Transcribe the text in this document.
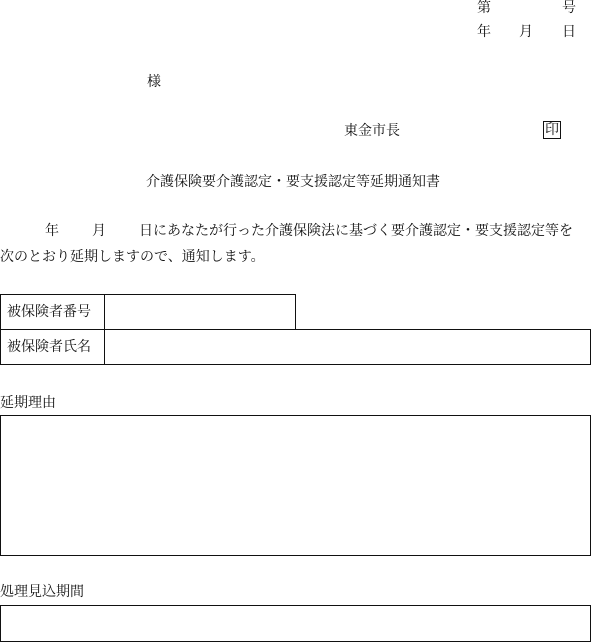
第	号
年 月 日
様
東金市長	印
介護保険要介護認定・要支援認定等延期通知書
年 月 日にあなたが行った介護保険法に基づく要介護認定・要支援認定等を
次のとおり延期しますので、通知します。
被保険者番号
被保険者氏名
延期理由
処理見込期間
